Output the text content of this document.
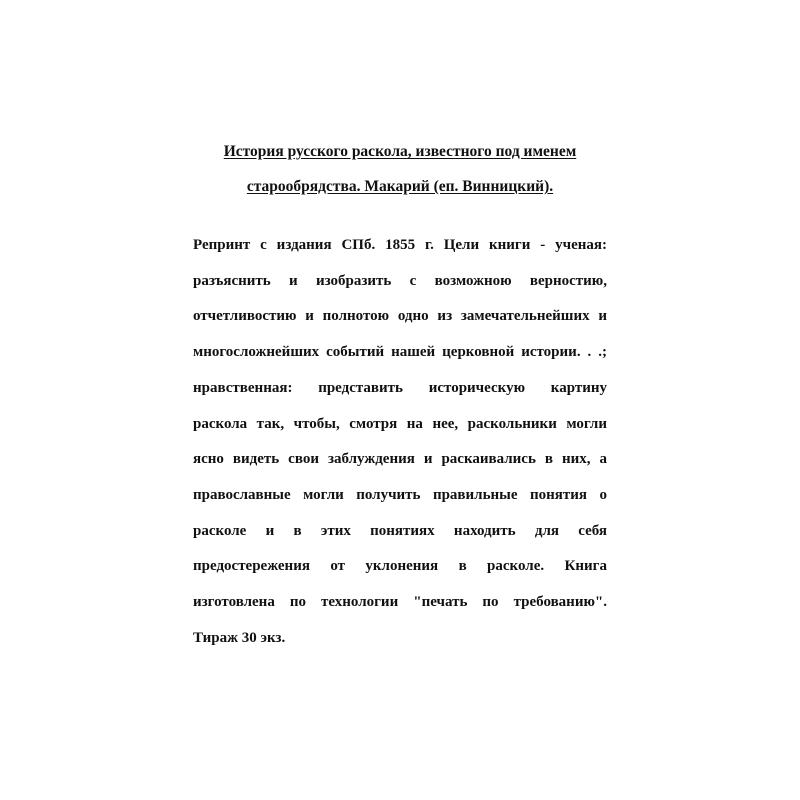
История русского раскола, известного под именем

старообрядства. Макарий (еп. Винницкий).

Репринт с издания СПб. 1855 г. Цели книги - ученая:
разъяснить и изобразить с возможною верностию,
отчетливостию и полнотою одно из замечательнейших и
многосложнейших событий нашей церковной истории. . .;
нравственная: представить историческую картину
раскола так, чтобы, смотря на нее, раскольники могли
ясно видеть свои заблуждения и раскаивались в них, а
православные могли получить правильные понятия о
расколе и в этих понятиях находить для себя
предостережения от уклонения в расколе. Книга
изготовлена по технологии "печать по требованию".
Тираж 30 экз.
